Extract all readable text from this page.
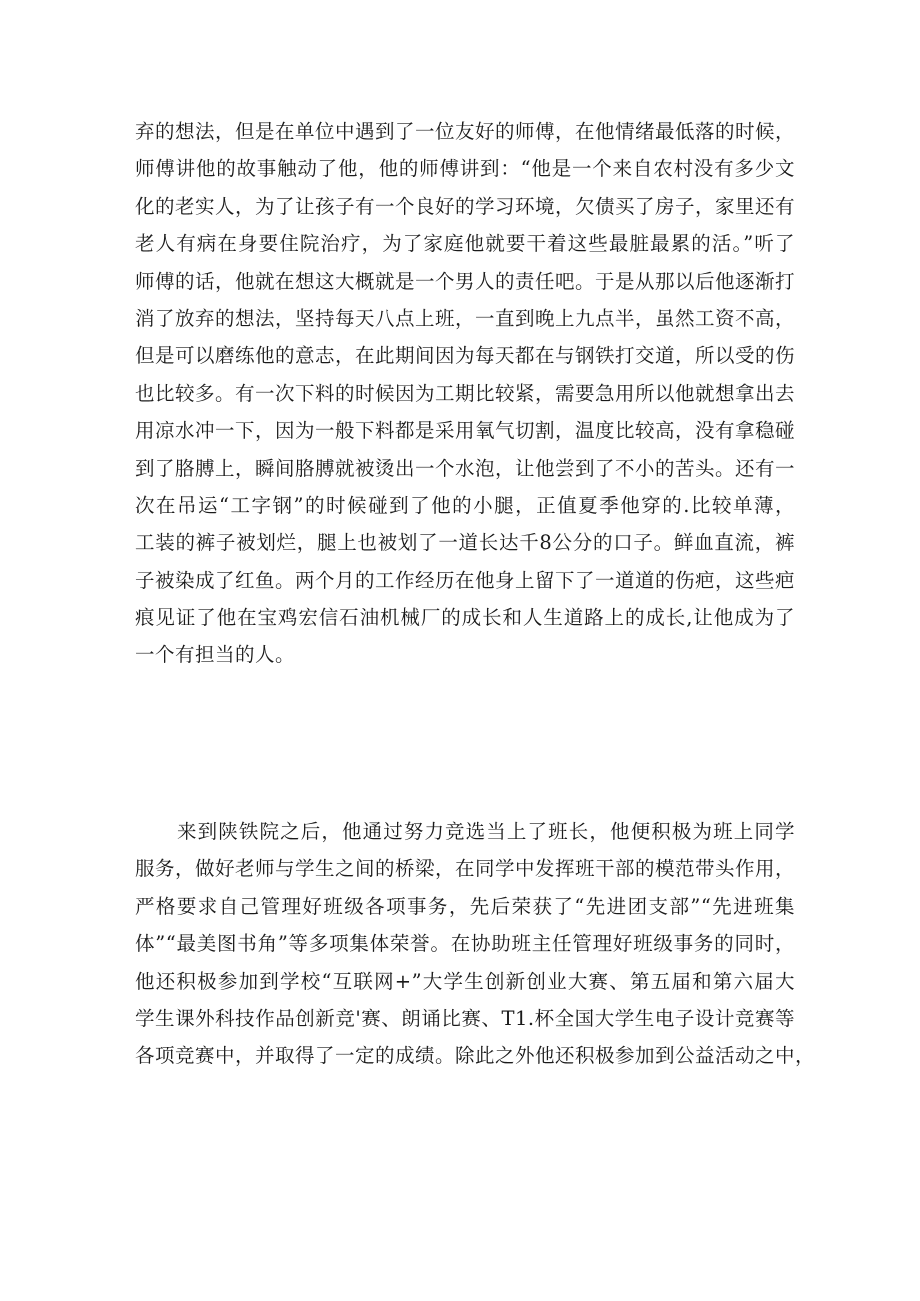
弃的想法，但是在单位中遇到了一位友好的师傅，在他情绪最低落的时候，
师傅讲他的故事触动了他，他的师傅讲到：“他是一个来自农村没有多少文
化的老实人，为了让孩子有一个良好的学习环境，欠债买了房子，家里还有
老人有病在身要住院治疗，为了家庭他就要干着这些最脏最累的活。”听了
师傅的话，他就在想这大概就是一个男人的责任吧。于是从那以后他逐渐打
消了放弃的想法，坚持每天八点上班，一直到晚上九点半，虽然工资不高，
但是可以磨练他的意志，在此期间因为每天都在与钢铁打交道，所以受的伤
也比较多。有一次下料的时候因为工期比较紧，需要急用所以他就想拿出去
用凉水冲一下，因为一般下料都是采用氧气切割，温度比较高，没有拿稳碰
到了胳膊上，瞬间胳膊就被烫出一个水泡，让他尝到了不小的苦头。还有一
次在吊运“工字钢”的时候碰到了他的小腿，正值夏季他穿的.比较单薄，
工装的裤子被划烂，腿上也被划了一道长达千8公分的口子。鲜血直流，裤
子被染成了红鱼。两个月的工作经历在他身上留下了一道道的伤疤，这些疤
痕见证了他在宝鸡宏信石油机械厂的成长和人生道路上的成长,让他成为了
一个有担当的人。
来到陕铁院之后，他通过努力竞选当上了班长，他便积极为班上同学
服务，做好老师与学生之间的桥梁，在同学中发挥班干部的模范带头作用，
严格要求自己管理好班级各项事务，先后荣获了“先进团支部”“先进班集
体”“最美图书角”等多项集体荣誉。在协助班主任管理好班级事务的同时，
他还积极参加到学校“互联网+”大学生创新创业大赛、第五届和第六届大
学生课外科技作品创新竞'赛、朗诵比赛、T1.杯全国大学生电子设计竞赛等
各项竞赛中，并取得了一定的成绩。除此之外他还积极参加到公益活动之中，
